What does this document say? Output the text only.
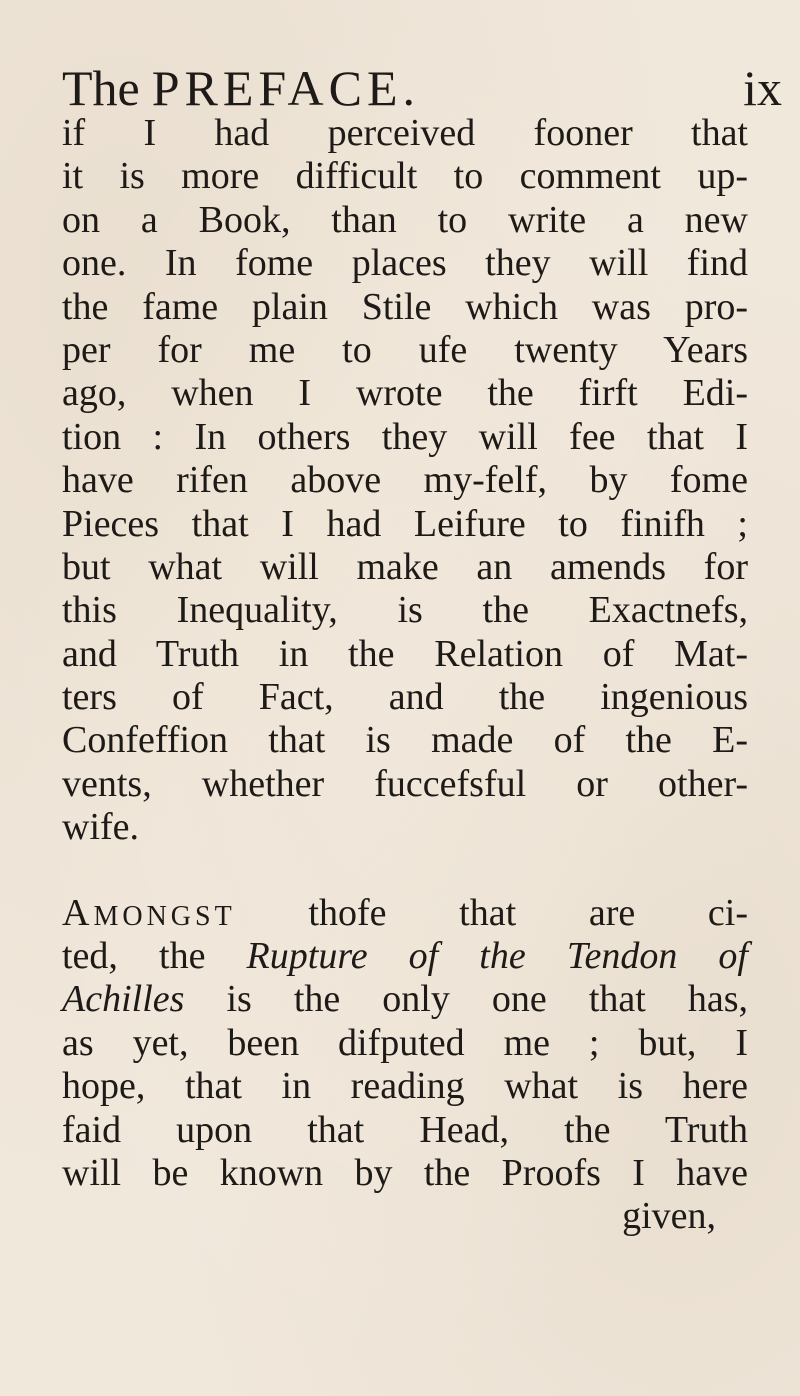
The PREFACE.	ix
if I had perceived fooner that
it is more difficult to comment up-
on a Book, than to write a new
one. In fome places they will find
the fame plain Stile which was pro-
per for me to ufe twenty Years
ago, when I wrote the firft Edi-
tion : In others they will fee that I
have rifen above my-felf, by fome
Pieces that I had Leifure to finifh ;
but what will make an amends for
this Inequality, is the Exactnefs,
and Truth in the Relation of Mat-
ters of Fact, and the ingenious
Confeffion that is made of the E-
vents, whether fuccefsful or other-
wife.
AMONGST thofe that are ci-
ted, the Rupture of the Tendon of
Achilles is the only one that has,
as yet, been difputed me ; but, I
hope, that in reading what is here
faid upon that Head, the Truth
will be known by the Proofs I have
given,
